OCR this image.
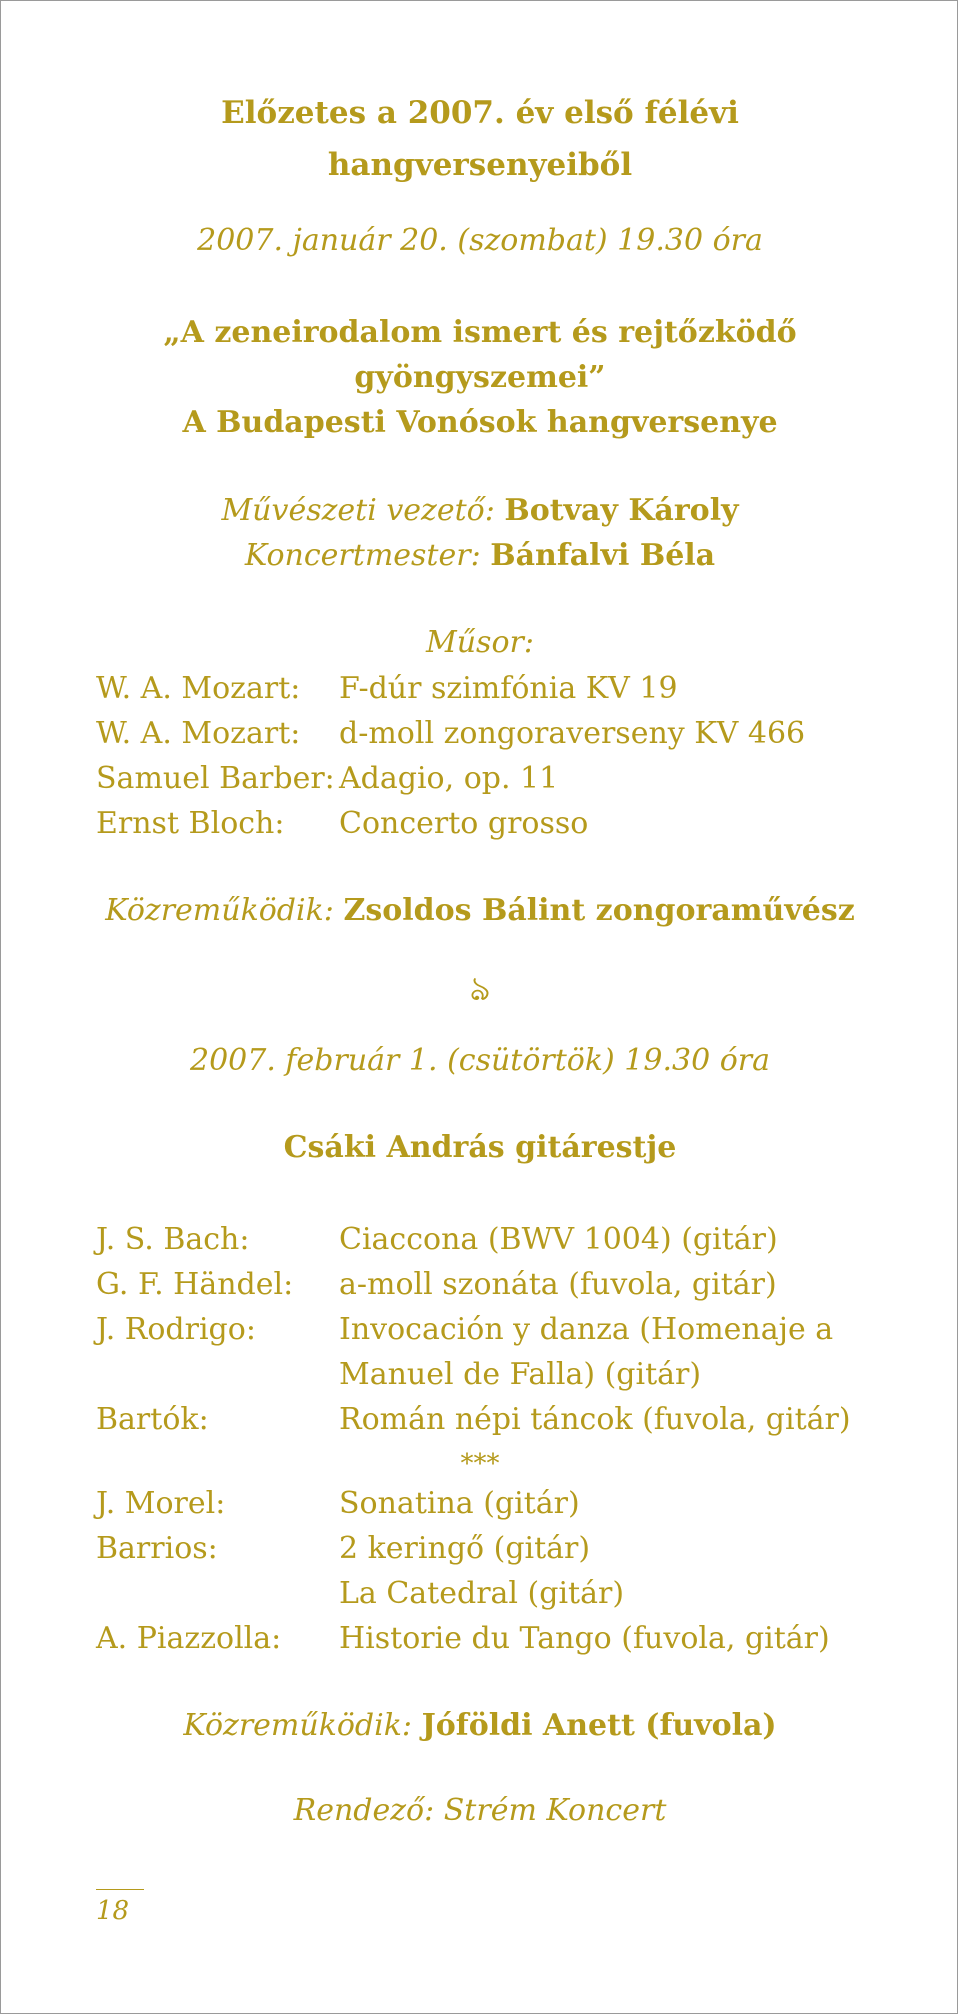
Előzetes a 2007. év első félévi
hangversenyeiből
2007. január 20. (szombat) 19.30 óra
„A zeneirodalom ismert és rejtőzködő
gyöngyszemei”
A Budapesti Vonósok hangversenye
Művészeti vezető: Botvay Károly
Koncertmester: Bánfalvi Béla
Műsor:
W. A. Mozart:	F-dúr szimfónia KV 19
W. A. Mozart:	d-moll zongoraverseny KV 466
Samuel Barber: Adagio, op. 11
Ernst Bloch:	Concerto grosso
Közreműködik: Zsoldos Bálint zongoraművész
ঌ
2007. február 1. (csütörtök) 19.30 óra
Csáki András gitárestje
J. S. Bach:	Ciaccona (BWV 1004) (gitár)
G. F. Händel:	a-moll szonáta (fuvola, gitár)
J. Rodrigo:	Invocación y danza (Homenaje a
Manuel de Falla) (gitár)
Bartók:	Román népi táncok (fuvola, gitár)
***
J. Morel:	Sonatina (gitár)
Barrios:	2 keringő (gitár)
La Catedral (gitár)
A. Piazzolla:	Historie du Tango (fuvola, gitár)
Közreműködik: Jóföldi Anett (fuvola)
Rendező: Strém Koncert
18
